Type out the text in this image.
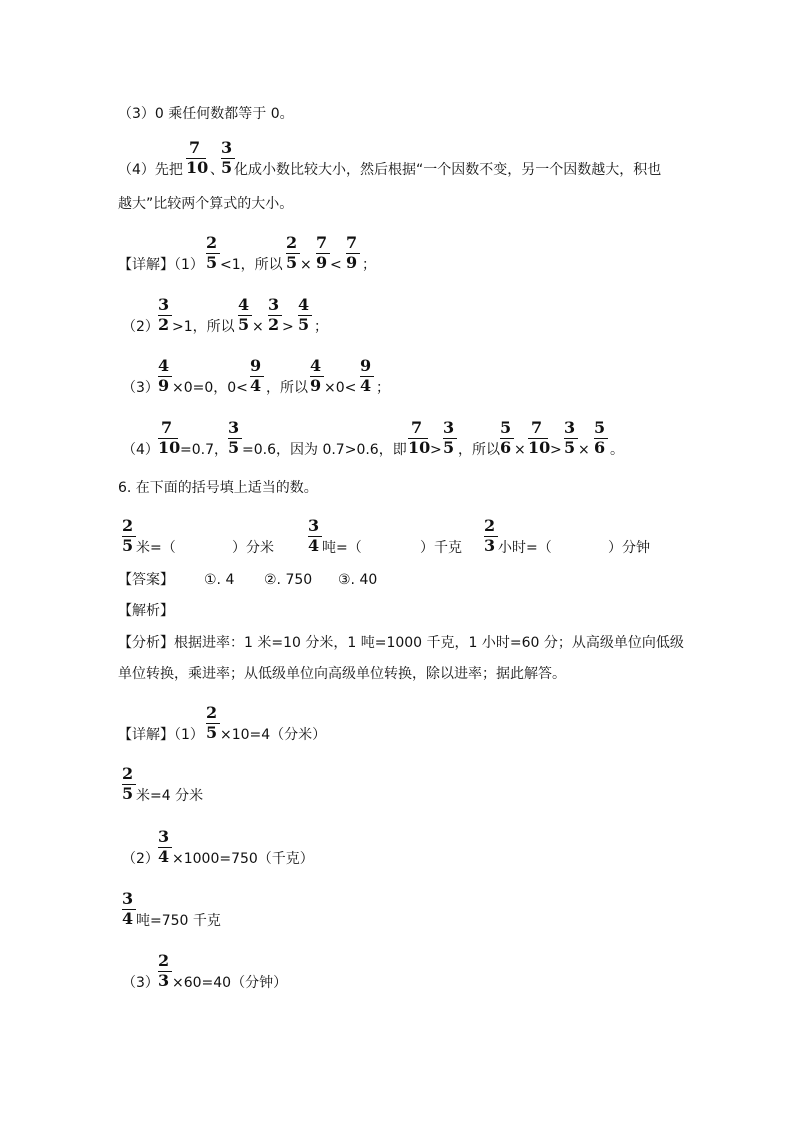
（3）0 乘任何数都等于 0。
（4）先把
7
10 、
3
5 化成小数比较大小，然后根据“一个因数不变，另一个因数越大，积也
越大”比较两个算式的大小。
【详解】（1）
2
5 <1，所以
2
5 ×
7
9 <
7
9 ；
（2）
3
2 >1，所以
4
5 ×
3
2 >
4
5 ；
（3）
4
9 ×0=0，0<
9
4 ，所以
4
9 ×0<
9
4 ；
（4）
7
10 =0.7，
3
5 =0.6，因为 0.7>0.6，即
7
10 >
3
5 ，所以
5
6 ×
7
10 >
3
5 ×
5
6 。
6. 在下面的括号填上适当的数。
2
5 米=（	）分米
3
4 吨=（	）千克
2
3 小时=（	）分钟
【答案】 ①. 4 ②. 750 ③. 40
【解析】
【分析】根据进率：1 米=10 分米，1 吨=1000 千克，1 小时=60 分；从高级单位向低级
单位转换，乘进率；从低级单位向高级单位转换，除以进率；据此解答。
【详解】（1）
2
5 ×10=4（分米）
2
5 米=4 分米
（2）
3
4 ×1000=750（千克）
3
4 吨=750 千克
（3）
2
3 ×60=40（分钟）
